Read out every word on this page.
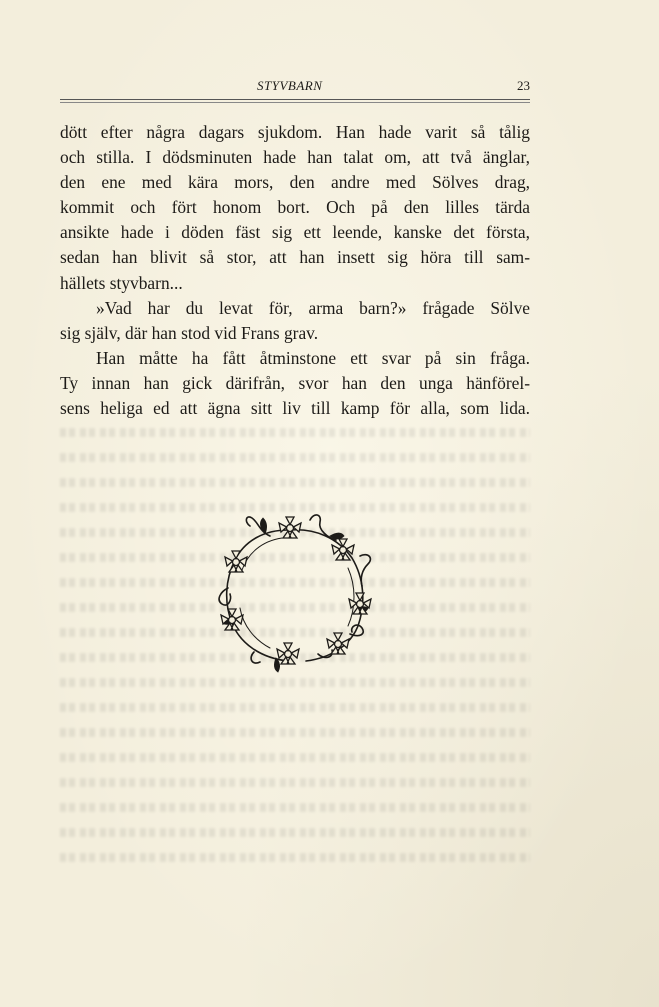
STYVBARN	23
dött efter några dagars sjukdom. Han hade varit så tålig
och stilla. I dödsminuten hade han talat om, att två änglar,
den ene med kära mors, den andre med Sölves drag,
kommit och fört honom bort. Och på den lilles tärda
ansikte hade i döden fäst sig ett leende, kanske det första,
sedan han blivit så stor, att han insett sig höra till sam-
hällets styvbarn...
»Vad har du levat för, arma barn?» frågade Sölve
sig själv, där han stod vid Frans grav.
Han måtte ha fått åtminstone ett svar på sin fråga.
Ty innan han gick därifrån, svor han den unga hänförel-
sens heliga ed att ägna sitt liv till kamp för alla, som lida.
